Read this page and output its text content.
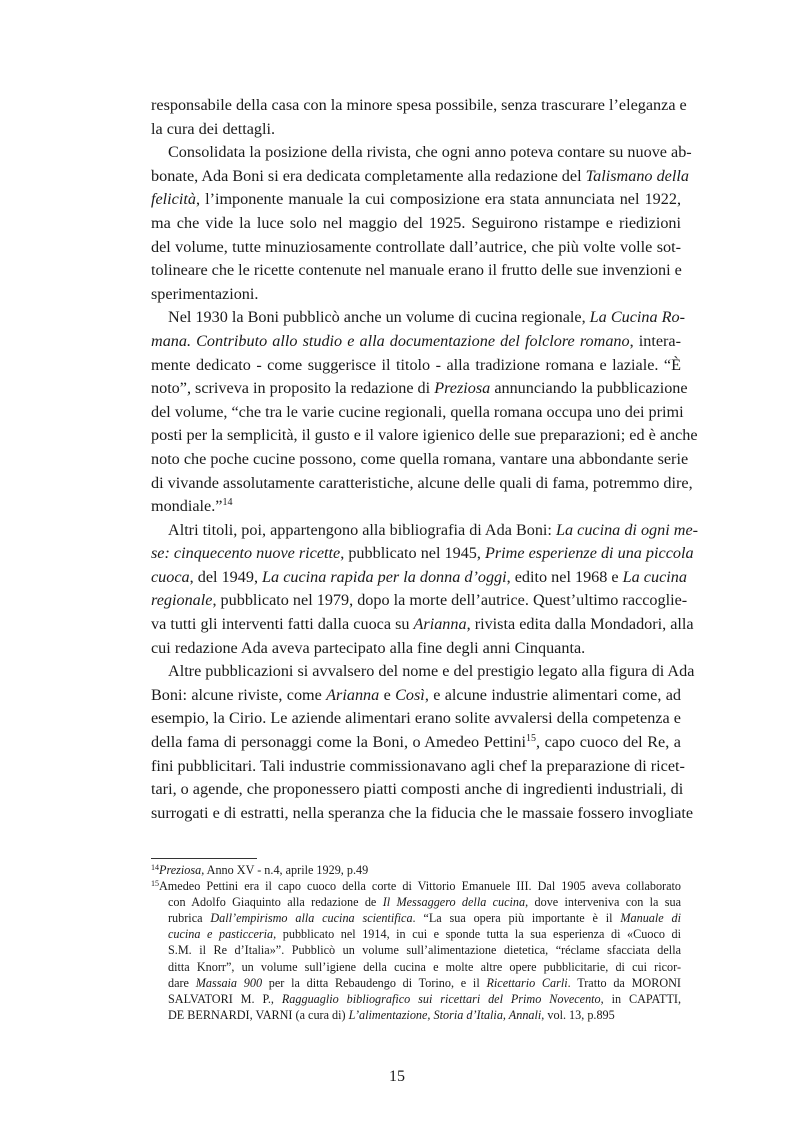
responsabile della casa con la minore spesa possibile, senza trascurare l’eleganza e
la cura dei dettagli.

Consolidata la posizione della rivista, che ogni anno poteva contare su nuove ab-
bonate, Ada Boni si era dedicata completamente alla redazione del Talismano della
felicità, l’imponente manuale la cui composizione era stata annunciata nel 1922,
ma che vide la luce solo nel maggio del 1925. Seguirono ristampe e riedizioni
del volume, tutte minuziosamente controllate dall’autrice, che più volte volle sot-
tolineare che le ricette contenute nel manuale erano il frutto delle sue invenzioni e
sperimentazioni.

Nel 1930 la Boni pubblicò anche un volume di cucina regionale, La Cucina Ro-
mana. Contributo allo studio e alla documentazione del folclore romano, intera-
mente dedicato - come suggerisce il titolo - alla tradizione romana e laziale. “È
noto”, scriveva in proposito la redazione di Preziosa annunciando la pubblicazione
del volume, “che tra le varie cucine regionali, quella romana occupa uno dei primi
posti per la semplicità, il gusto e il valore igienico delle sue preparazioni; ed è anche
noto che poche cucine possono, come quella romana, vantare una abbondante serie
di vivande assolutamente caratteristiche, alcune delle quali di fama, potremmo dire,
mondiale.”$^{14}$

Altri titoli, poi, appartengono alla bibliografia di Ada Boni: La cucina di ogni me-
se: cinquecento nuove ricette, pubblicato nel 1945, Prime esperienze di una piccola
cuoca, del 1949, La cucina rapida per la donna d’oggi, edito nel 1968 e La cucina
regionale, pubblicato nel 1979, dopo la morte dell’autrice. Quest’ultimo raccoglie-
va tutti gli interventi fatti dalla cuoca su Arianna, rivista edita dalla Mondadori, alla
cui redazione Ada aveva partecipato alla fine degli anni Cinquanta.

Altre pubblicazioni si avvalsero del nome e del prestigio legato alla figura di Ada
Boni: alcune riviste, come Arianna e Così, e alcune industrie alimentari come, ad
esempio, la Cirio. Le aziende alimentari erano solite avvalersi della competenza e
della fama di personaggi come la Boni, o Amedeo Pettini$^{15}$, capo cuoco del Re, a
fini pubblicitari. Tali industrie commissionavano agli chef la preparazione di ricet-
tari, o agende, che proponessero piatti composti anche di ingredienti industriali, di
surrogati e di estratti, nella speranza che la fiducia che le massaie fossero invogliate

$^{14}$Preziosa, Anno XV - n.4, aprile 1929, p.49
$^{15}$Amedeo Pettini era il capo cuoco della corte di Vittorio Emanuele III. Dal 1905 aveva collaborato
con Adolfo Giaquinto alla redazione de Il Messaggero della cucina, dove interveniva con la sua
rubrica Dall’empirismo alla cucina scientifica. “La sua opera più importante è il Manuale di
cucina e pasticceria, pubblicato nel 1914, in cui e sponde tutta la sua esperienza di «Cuoco di
S.M. il Re d’Italia»”. Pubblicò un volume sull’alimentazione dietetica, “réclame sfacciata della
ditta Knorr”, un volume sull’igiene della cucina e molte altre opere pubblicitarie, di cui ricor-
dare Massaia 900 per la ditta Rebaudengo di Torino, e il Ricettario Carli. Tratto da MORONI
SALVATORI M. P., Ragguaglio bibliografico sui ricettari del Primo Novecento, in CAPATTI,
DE BERNARDI, VARNI (a cura di) L’alimentazione, Storia d’Italia, Annali, vol. 13, p.895
15
